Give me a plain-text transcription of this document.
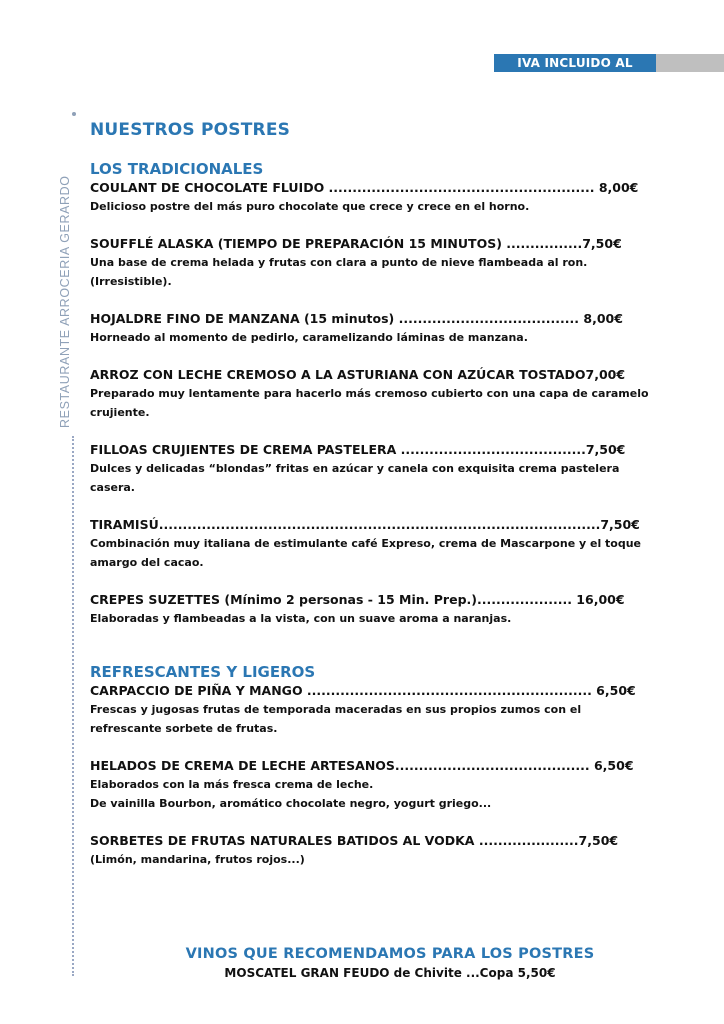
IVA INCLUIDO AL
RESTAURANTE ARROCERIA GERARDO
NUESTROS POSTRES
LOS TRADICIONALES
COULANT DE CHOCOLATE FLUIDO ........................................................ 8,00€
Delicioso postre del más puro chocolate que crece y crece en el horno.
SOUFFLÉ ALASKA (TIEMPO DE PREPARACIÓN 15 MINUTOS) ................7,50€
Una base de crema helada y frutas con clara a punto de nieve flambeada al ron. (Irresistible).
HOJALDRE FINO DE MANZANA (15 minutos) ...................................... 8,00€
Horneado al momento de pedirlo, caramelizando láminas de manzana.
ARROZ CON LECHE CREMOSO A LA ASTURIANA CON AZÚCAR TOSTADO7,00€
Preparado muy lentamente para hacerlo más cremoso cubierto con una capa de caramelo crujiente.
FILLOAS CRUJIENTES DE CREMA PASTELERA .......................................7,50€
Dulces y delicadas “blondas” fritas en azúcar y canela con exquisita crema pastelera casera.
TIRAMISÚ.............................................................................................7,50€
Combinación muy italiana de estimulante café Expreso, crema de Mascarpone y el toque amargo del cacao.
CREPES SUZETTES (Mínimo 2 personas - 15 Min. Prep.).................... 16,00€
Elaboradas y flambeadas a la vista, con un suave aroma a naranjas.
REFRESCANTES Y LIGEROS
CARPACCIO DE PIÑA Y MANGO ............................................................ 6,50€
Frescas y jugosas frutas de temporada maceradas en sus propios zumos con el refrescante sorbete de frutas.
HELADOS DE CREMA DE LECHE ARTESANOS......................................... 6,50€
Elaborados con la más fresca crema de leche.
De vainilla Bourbon, aromático chocolate negro, yogurt griego...
SORBETES DE FRUTAS NATURALES BATIDOS AL VODKA .....................7,50€
(Limón, mandarina, frutos rojos...)
VINOS QUE RECOMENDAMOS PARA LOS POSTRES
MOSCATEL GRAN FEUDO de Chivite ...Copa 5,50€
